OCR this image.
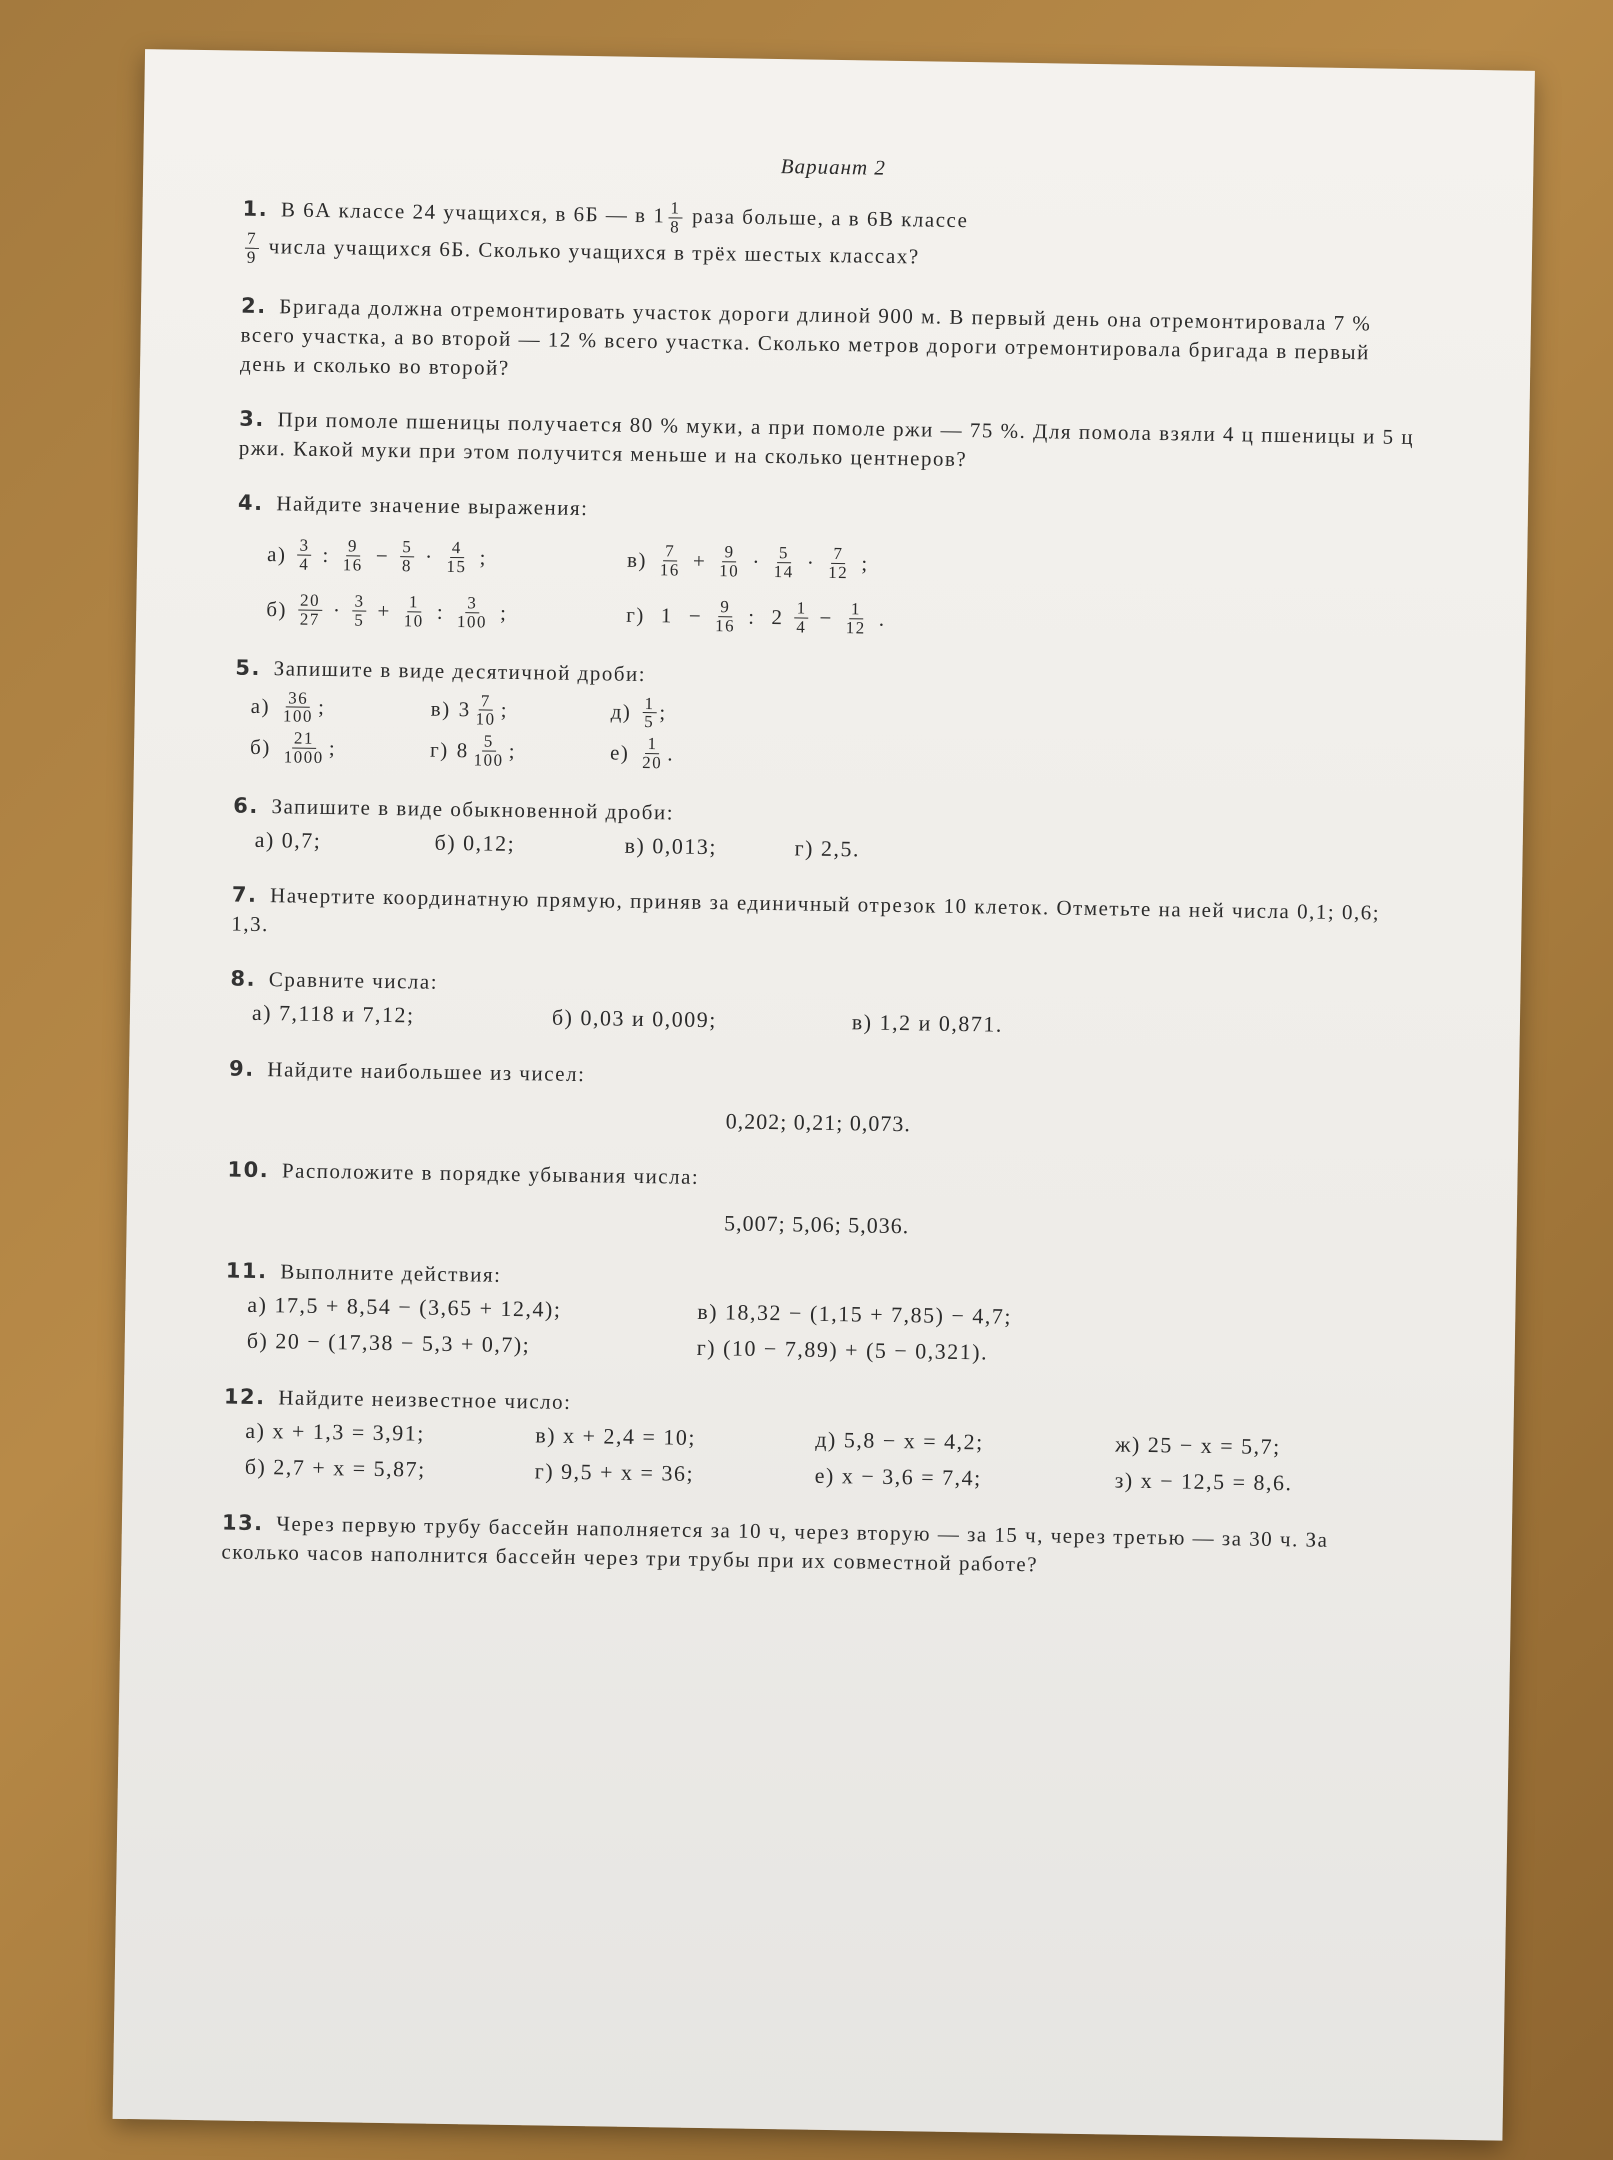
Вариант 2
1. В 6А классе 24 учащихся, в 6Б — в $1 \frac{1}{8}$ раза больше, а в 6В классе

$\frac{7}{9}$ числа учащихся 6Б. Сколько учащихся в трёх шестых классах?
2. Бригада должна отремонтировать участок дороги длиной 900 м. В первый день она отремонтировала 7 % всего участка, а во второй — 12 % всего участка. Сколько метров дороги отремонтировала бригада в первый день и сколько во второй?
3. При помоле пшеницы получается 80 % муки, а при помоле ржи — 75 %. Для помола взяли 4 ц пшеницы и 5 ц ржи. Какой муки при этом получится меньше и на сколько центнеров?
4. Найдите значение выражения:
$а) \frac{3}{4}$ : $\frac{9}{16} - \frac{5}{8} \cdot \frac{4}{15}$ ;	$в) \frac{7}{16} + \frac{9}{10} \cdot \frac{5}{14} \cdot \frac{7}{12}$ ;
$б) \frac{20}{27} \cdot \frac{3}{5} + \frac{1}{10}$ : $\frac{3}{100}$ ;	г) $1 - \frac{9}{16}$ : $2 \frac{1}{4} - \frac{1}{12}$ .
5. Запишите в виде десятичной дроби:
$а) \frac{36}{100}$ ;	в) $3 \frac{7}{10}$ ;	$д) \frac{1}{5}$ ;
$б) \frac{21}{1000}$ ;	г) $8 \frac{5}{100}$ ;	$е) \frac{1}{20}$ .
6. Запишите в виде обыкновенной дроби:
а) 0,7;	б) 0,12;	в) 0,013;	г) 2,5.
7. Начертите координатную прямую, приняв за единичный отрезок 10 клеток. Отметьте на ней числа 0,1; 0,6; 1,3.
8. Сравните числа:
а) 7,118 и 7,12;	б) 0,03 и 0,009;	в) 1,2 и 0,871.
9. Найдите наибольшее из чисел:
0,202; 0,21; 0,073.
10. Расположите в порядке убывания числа:
5,007; 5,06; 5,036.
11. Выполните действия:
а) 17,5 + 8,54 − (3,65 + 12,4);	в) 18,32 − (1,15 + 7,85) − 4,7;
б) 20 − (17,38 − 5,3 + 0,7);	г) (10 − 7,89) + (5 − 0,321).
12. Найдите неизвестное число:
а) x + 1,3 = 3,91;	в) x + 2,4 = 10;	д) 5,8 − x = 4,2;	ж) 25 − x = 5,7;
б) 2,7 + x = 5,87;	г) 9,5 + x = 36;	е) x − 3,6 = 7,4;	з) x − 12,5 = 8,6.
13. Через первую трубу бассейн наполняется за 10 ч, через вторую — за 15 ч, через третью — за 30 ч. За сколько часов наполнится бассейн через три трубы при их совместной работе?
